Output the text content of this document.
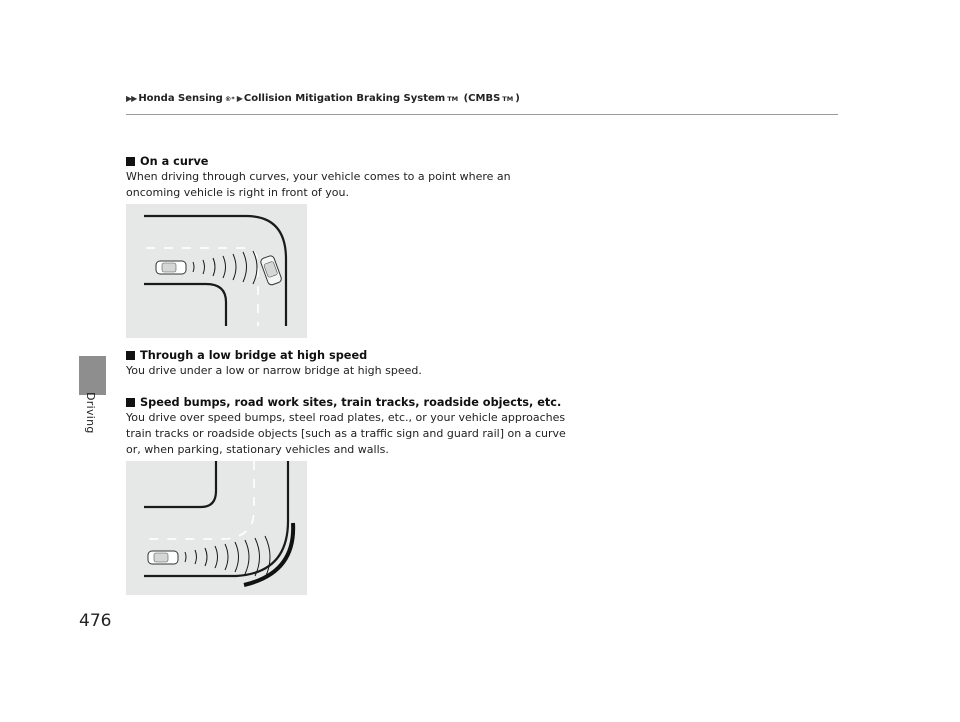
▶▶ Honda Sensing ®* ▶ Collision Mitigation Braking System TM (CMBS TM )
Driving
On a curve
When driving through curves, your vehicle comes to a point where an oncoming vehicle is right in front of you.
Through a low bridge at high speed
You drive under a low or narrow bridge at high speed.
Speed bumps, road work sites, train tracks, roadside objects, etc.
You drive over speed bumps, steel road plates, etc., or your vehicle approaches train tracks or roadside objects [such as a traffic sign and guard rail] on a curve or, when parking, stationary vehicles and walls.
476
